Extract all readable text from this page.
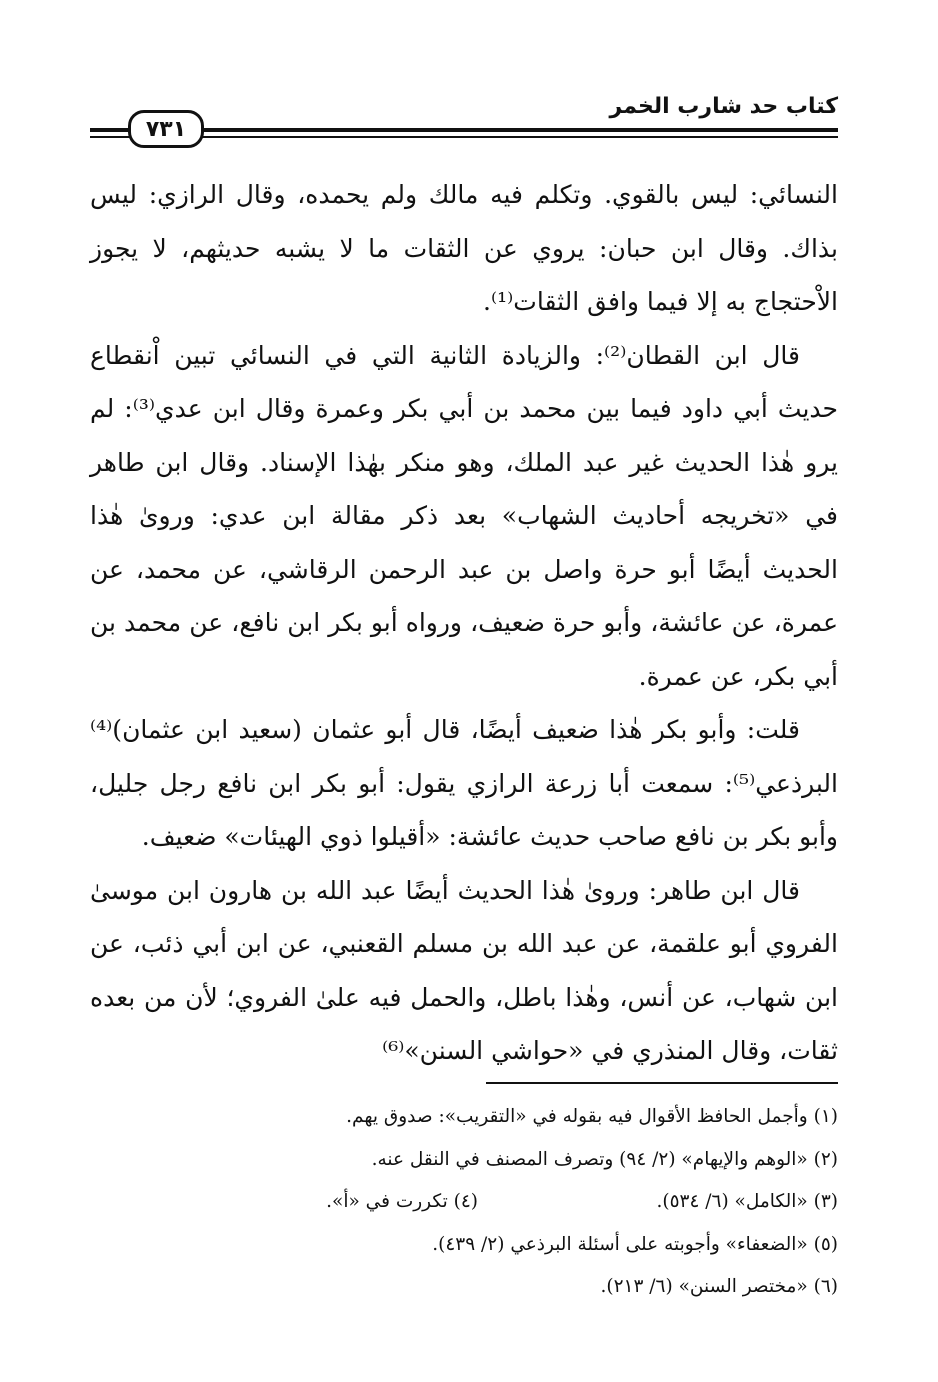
كتاب حد شارب الخمر
٧٣١

النسائي: ليس بالقوي. وتكلم فيه مالك ولم يحمده، وقال الرازي: ليس بذاك. وقال ابن حبان: يروي عن الثقات ما لا يشبه حديثهم، لا يجوز الاْحتجاج به إلا فيما وافق الثقات⁽¹⁾.

قال ابن القطان⁽²⁾: والزيادة الثانية التي في النسائي تبين اْنقطاع حديث أبي داود فيما بين محمد بن أبي بكر وعمرة وقال ابن عدي⁽³⁾: لم يرو هٰذا الحديث غير عبد الملك، وهو منكر بهٰذا الإسناد. وقال ابن طاهر في «تخريجه أحاديث الشهاب» بعد ذكر مقالة ابن عدي: وروىٰ هٰذا الحديث أيضًا أبو حرة واصل بن عبد الرحمن الرقاشي، عن محمد، عن عمرة، عن عائشة، وأبو حرة ضعيف، ورواه أبو بكر ابن نافع، عن محمد بن أبي بكر، عن عمرة.

قلت: وأبو بكر هٰذا ضعيف أيضًا، قال أبو عثمان (سعيد ابن عثمان)⁽⁴⁾ البرذعي⁽⁵⁾: سمعت أبا زرعة الرازي يقول: أبو بكر ابن نافع رجل جليل، وأبو بكر بن نافع صاحب حديث عائشة: «أقيلوا ذوي الهيئات» ضعيف.

قال ابن طاهر: وروىٰ هٰذا الحديث أيضًا عبد الله بن هارون ابن موسىٰ الفروي أبو علقمة، عن عبد الله بن مسلم القعنبي، عن ابن أبي ذئب، عن ابن شهاب، عن أنس، وهٰذا باطل، والحمل فيه علىٰ الفروي؛ لأن من بعده ثقات، وقال المنذري في «حواشي السنن»⁽⁶⁾

(١) وأجمل الحافظ الأقوال فيه بقوله في «التقريب»: صدوق يهم.
(٢) «الوهم والإيهام» (٢/ ٩٤) وتصرف المصنف في النقل عنه.
(٣) «الكامل» (٦/ ٥٣٤).
(٤) تكررت في «أ».
(٥) «الضعفاء» وأجوبته على أسئلة البرذعي (٢/ ٤٣٩).
(٦) «مختصر السنن» (٦/ ٢١٣).
